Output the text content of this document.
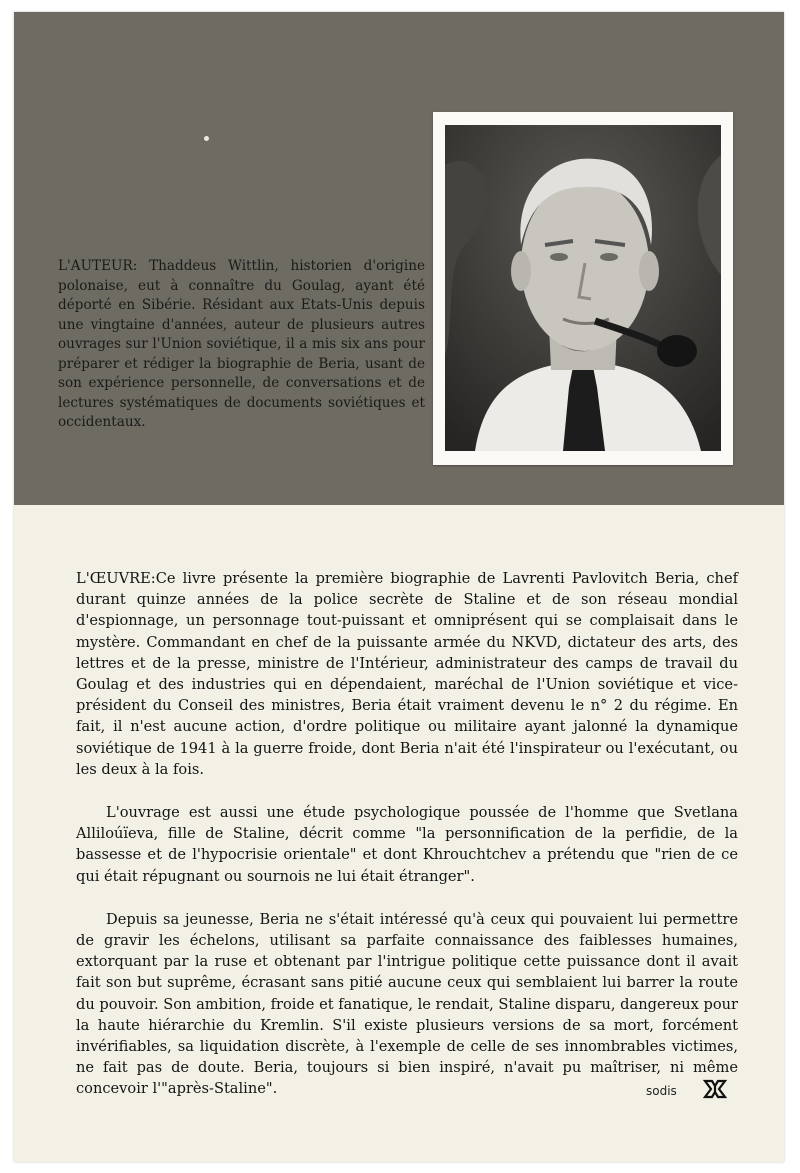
L'AUTEUR: Thaddeus Wittlin, historien d'origine polonaise, eut à connaître du Goulag, ayant été déporté en Sibérie. Résidant aux Etats-Unis depuis une vingtaine d'années, auteur de plusieurs autres ouvrages sur l'Union soviétique, il a mis six ans pour préparer et rédiger la biographie de Beria, usant de son expérience personnelle, de conversations et de lectures systématiques de documents soviétiques et occidentaux.

L'ŒUVRE:Ce livre présente la première biographie de Lavrenti Pavlovitch Beria, chef durant quinze années de la police secrète de Staline et de son réseau mondial d'espionnage, un personnage tout-puissant et omniprésent qui se complaisait dans le mystère. Commandant en chef de la puissante armée du NKVD, dictateur des arts, des lettres et de la presse, ministre de l'Intérieur, administrateur des camps de travail du Goulag et des industries qui en dépendaient, maréchal de l'Union soviétique et vice-président du Conseil des ministres, Beria était vraiment devenu le n° 2 du régime. En fait, il n'est aucune action, d'ordre politique ou militaire ayant jalonné la dynamique soviétique de 1941 à la guerre froide, dont Beria n'ait été l'inspirateur ou l'exécutant, ou les deux à la fois.

L'ouvrage est aussi une étude psychologique poussée de l'homme que Svetlana Alliloúïeva, fille de Staline, décrit comme "la personnification de la perfidie, de la bassesse et de l'hypocrisie orientale" et dont Khrouchtchev a prétendu que "rien de ce qui était répugnant ou sournois ne lui était étranger".

Depuis sa jeunesse, Beria ne s'était intéressé qu'à ceux qui pouvaient lui permettre de gravir les échelons, utilisant sa parfaite connaissance des faiblesses humaines, extorquant par la ruse et obtenant par l'intrigue politique cette puissance dont il avait fait son but suprême, écrasant sans pitié aucune ceux qui semblaient lui barrer la route du pouvoir. Son ambition, froide et fanatique, le rendait, Staline disparu, dangereux pour la haute hiérarchie du Kremlin. S'il existe plusieurs versions de sa mort, forcément invérifiables, sa liquidation discrète, à l'exemple de celle de ses innombrables victimes, ne fait pas de doute. Beria, toujours si bien inspiré, n'avait pu maîtriser, ni même concevoir l'"après-Staline".	sodis
